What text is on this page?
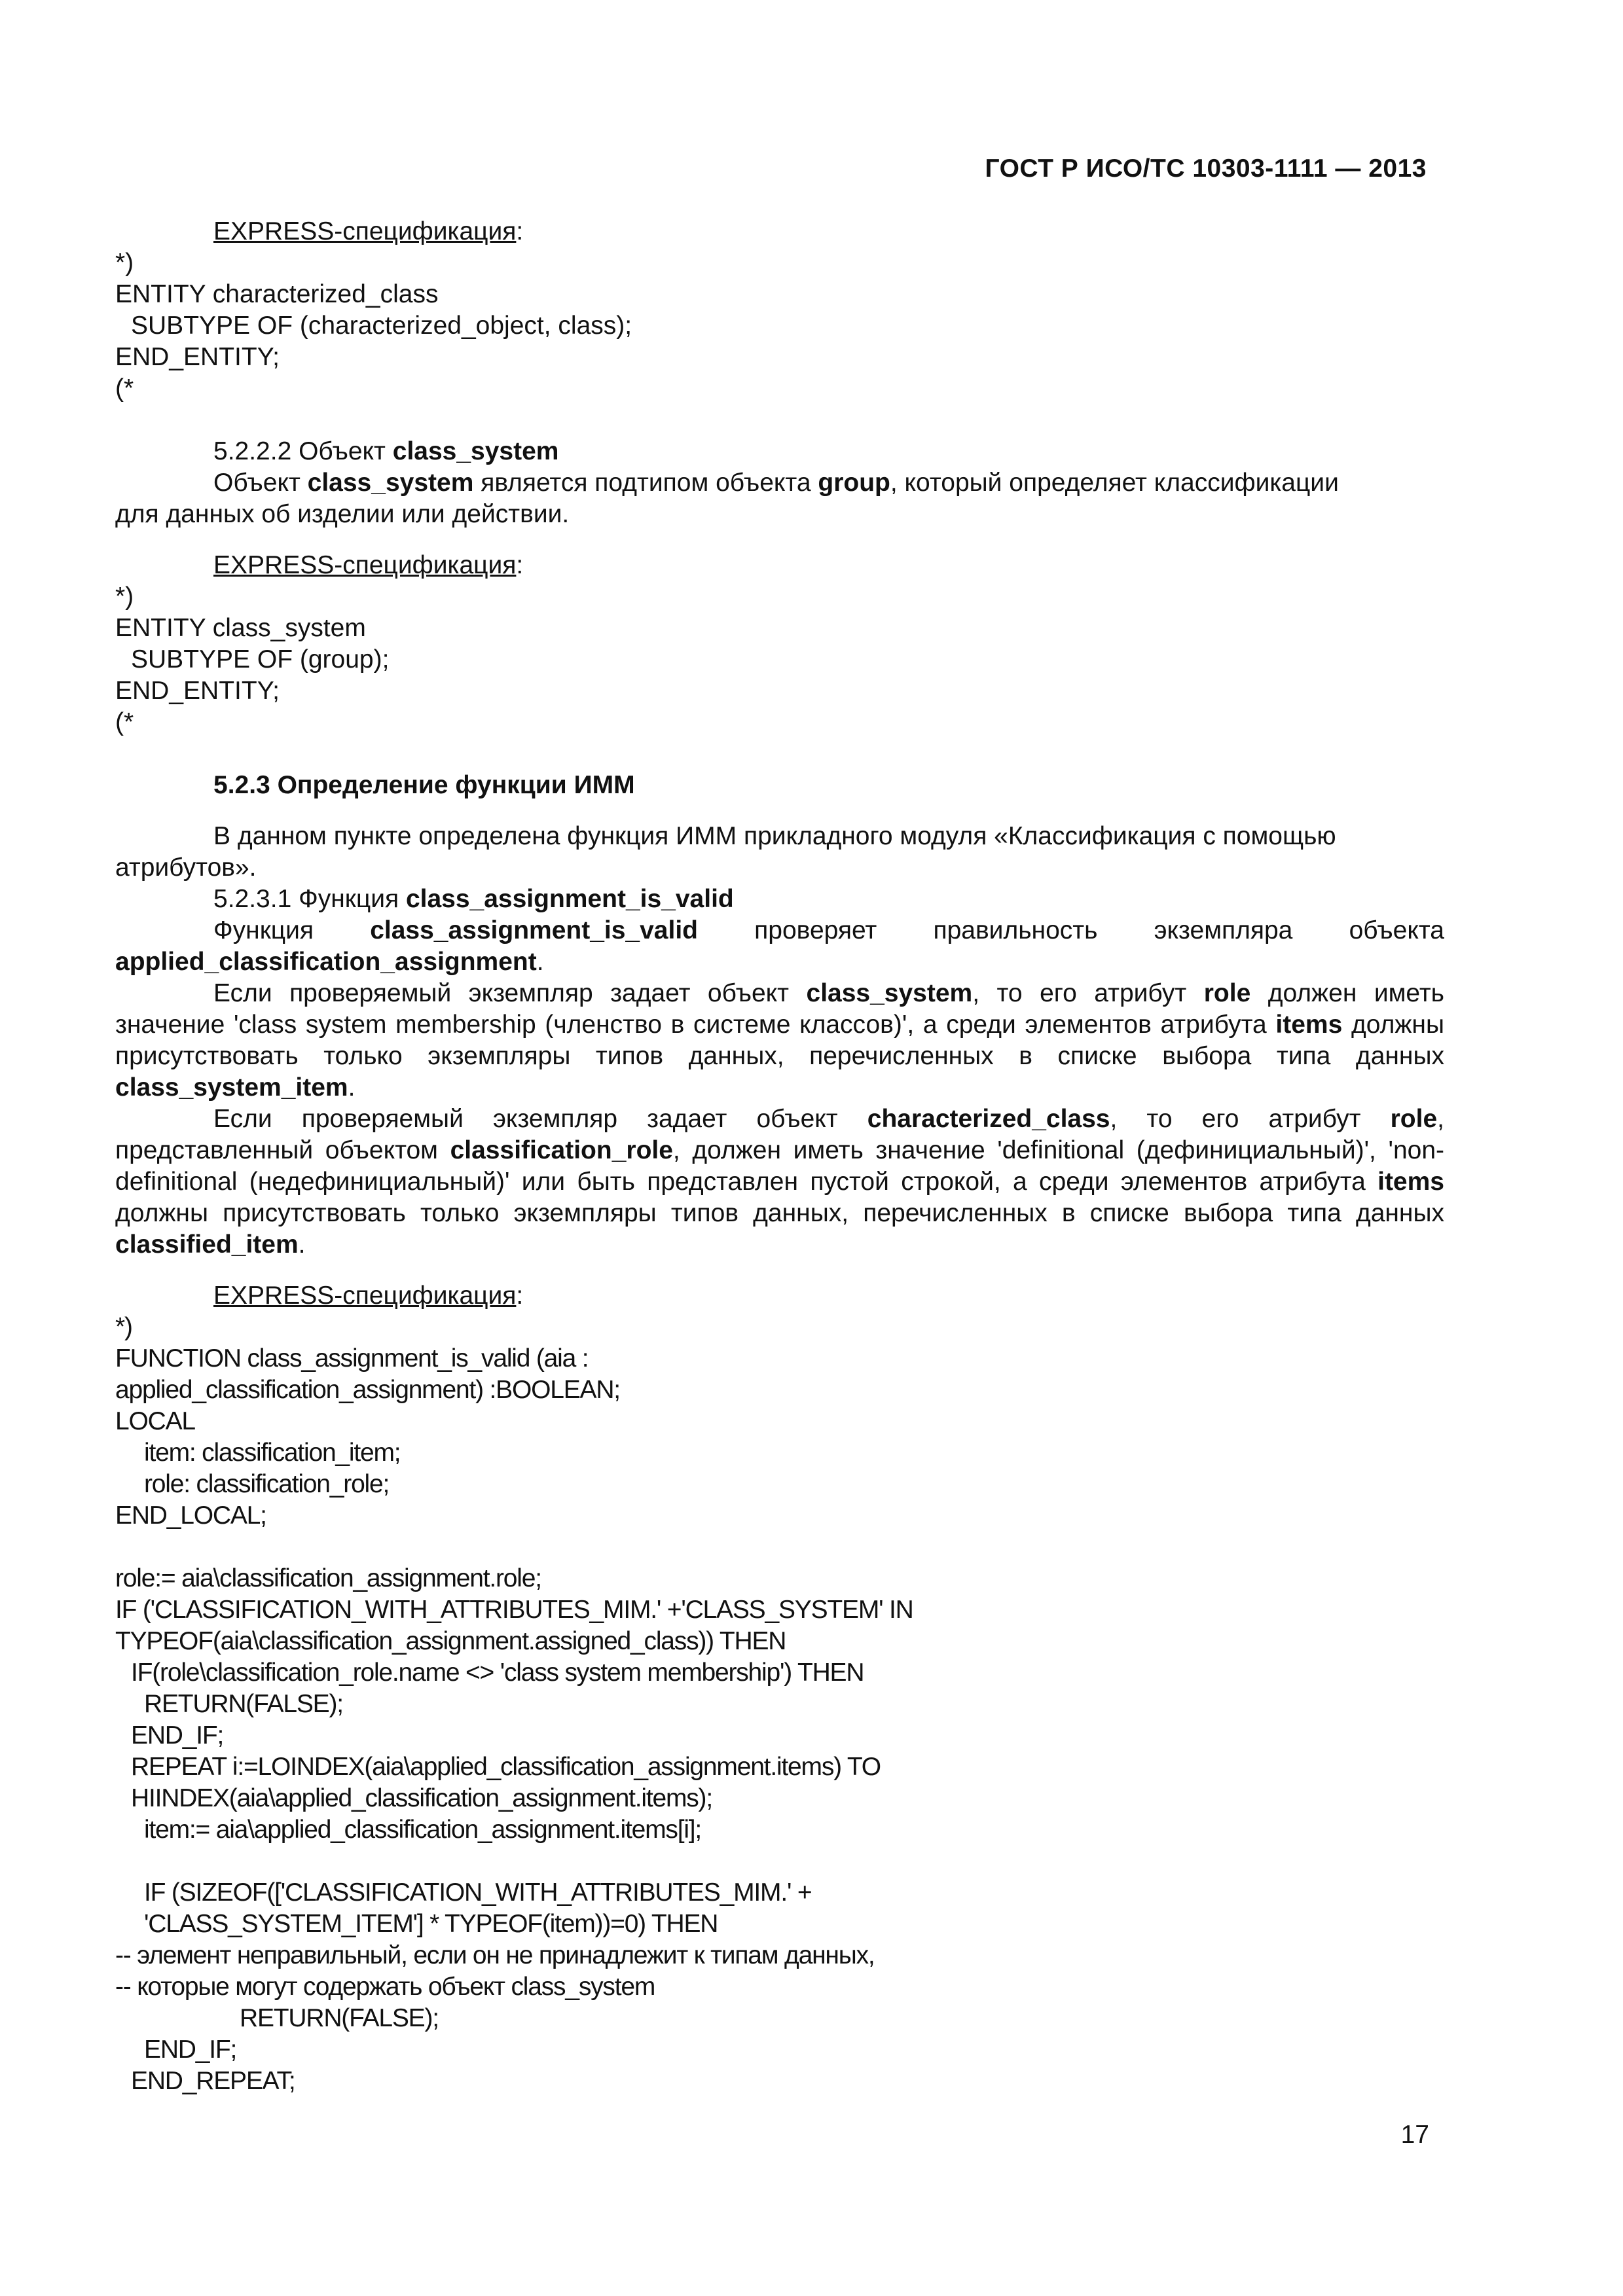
ГОСТ Р ИСО/ТС 10303-1111 — 2013
EXPRESS-спецификация:
*)
ENTITY characterized_class
SUBTYPE OF (characterized_object, class);
END_ENTITY;
(*
5.2.2.2 Объект class_system
Объект class_system является подтипом объекта group, который определяет классификации
для данных об изделии или действии.
EXPRESS-спецификация:
*)
ENTITY class_system
SUBTYPE OF (group);
END_ENTITY;
(*
5.2.3 Определение функции ИММ
В данном пункте определена функция ИММ прикладного модуля «Классификация с помощью
атрибутов».
5.2.3.1 Функция class_assignment_is_valid
Функция class_assignment_is_valid проверяет правильность экземпляра объекта
applied_classification_assignment.
Если проверяемый экземпляр задает объект class_system, то его атрибут role должен иметь значение 'class system membership (членство в системе классов)', а среди элементов атрибута items должны присутствовать только экземпляры типов данных, перечисленных в списке выбора типа данных class_system_item.
Если проверяемый экземпляр задает объект characterized_class, то его атрибут role, представленный объектом classification_role, должен иметь значение 'definitional (дефинициальный)', 'non-definitional (недефинициальный)' или быть представлен пустой строкой, а среди элементов атрибута items должны присутствовать только экземпляры типов данных, перечисленных в списке выбора типа данных classified_item.
EXPRESS-спецификация:
*)
FUNCTION class_assignment_is_valid (aia :
applied_classification_assignment) :BOOLEAN;
LOCAL
item: classification_item;
role: classification_role;
END_LOCAL;
role:= aia\classification_assignment.role;
IF ('CLASSIFICATION_WITH_ATTRIBUTES_MIM.' +'CLASS_SYSTEM' IN
TYPEOF(aia\classification_assignment.assigned_class)) THEN
IF(role\classification_role.name <> 'class system membership') THEN
RETURN(FALSE);
END_IF;
REPEAT i:=LOINDEX(aia\applied_classification_assignment.items) TO
HIINDEX(aia\applied_classification_assignment.items);
item:= aia\applied_classification_assignment.items[i];
IF (SIZEOF(['CLASSIFICATION_WITH_ATTRIBUTES_MIM.' +
'CLASS_SYSTEM_ITEM'] * TYPEOF(item))=0) THEN
-- элемент неправильный, если он не принадлежит к типам данных,
-- которые могут содержать объект class_system
RETURN(FALSE);
END_IF;
END_REPEAT;
17
